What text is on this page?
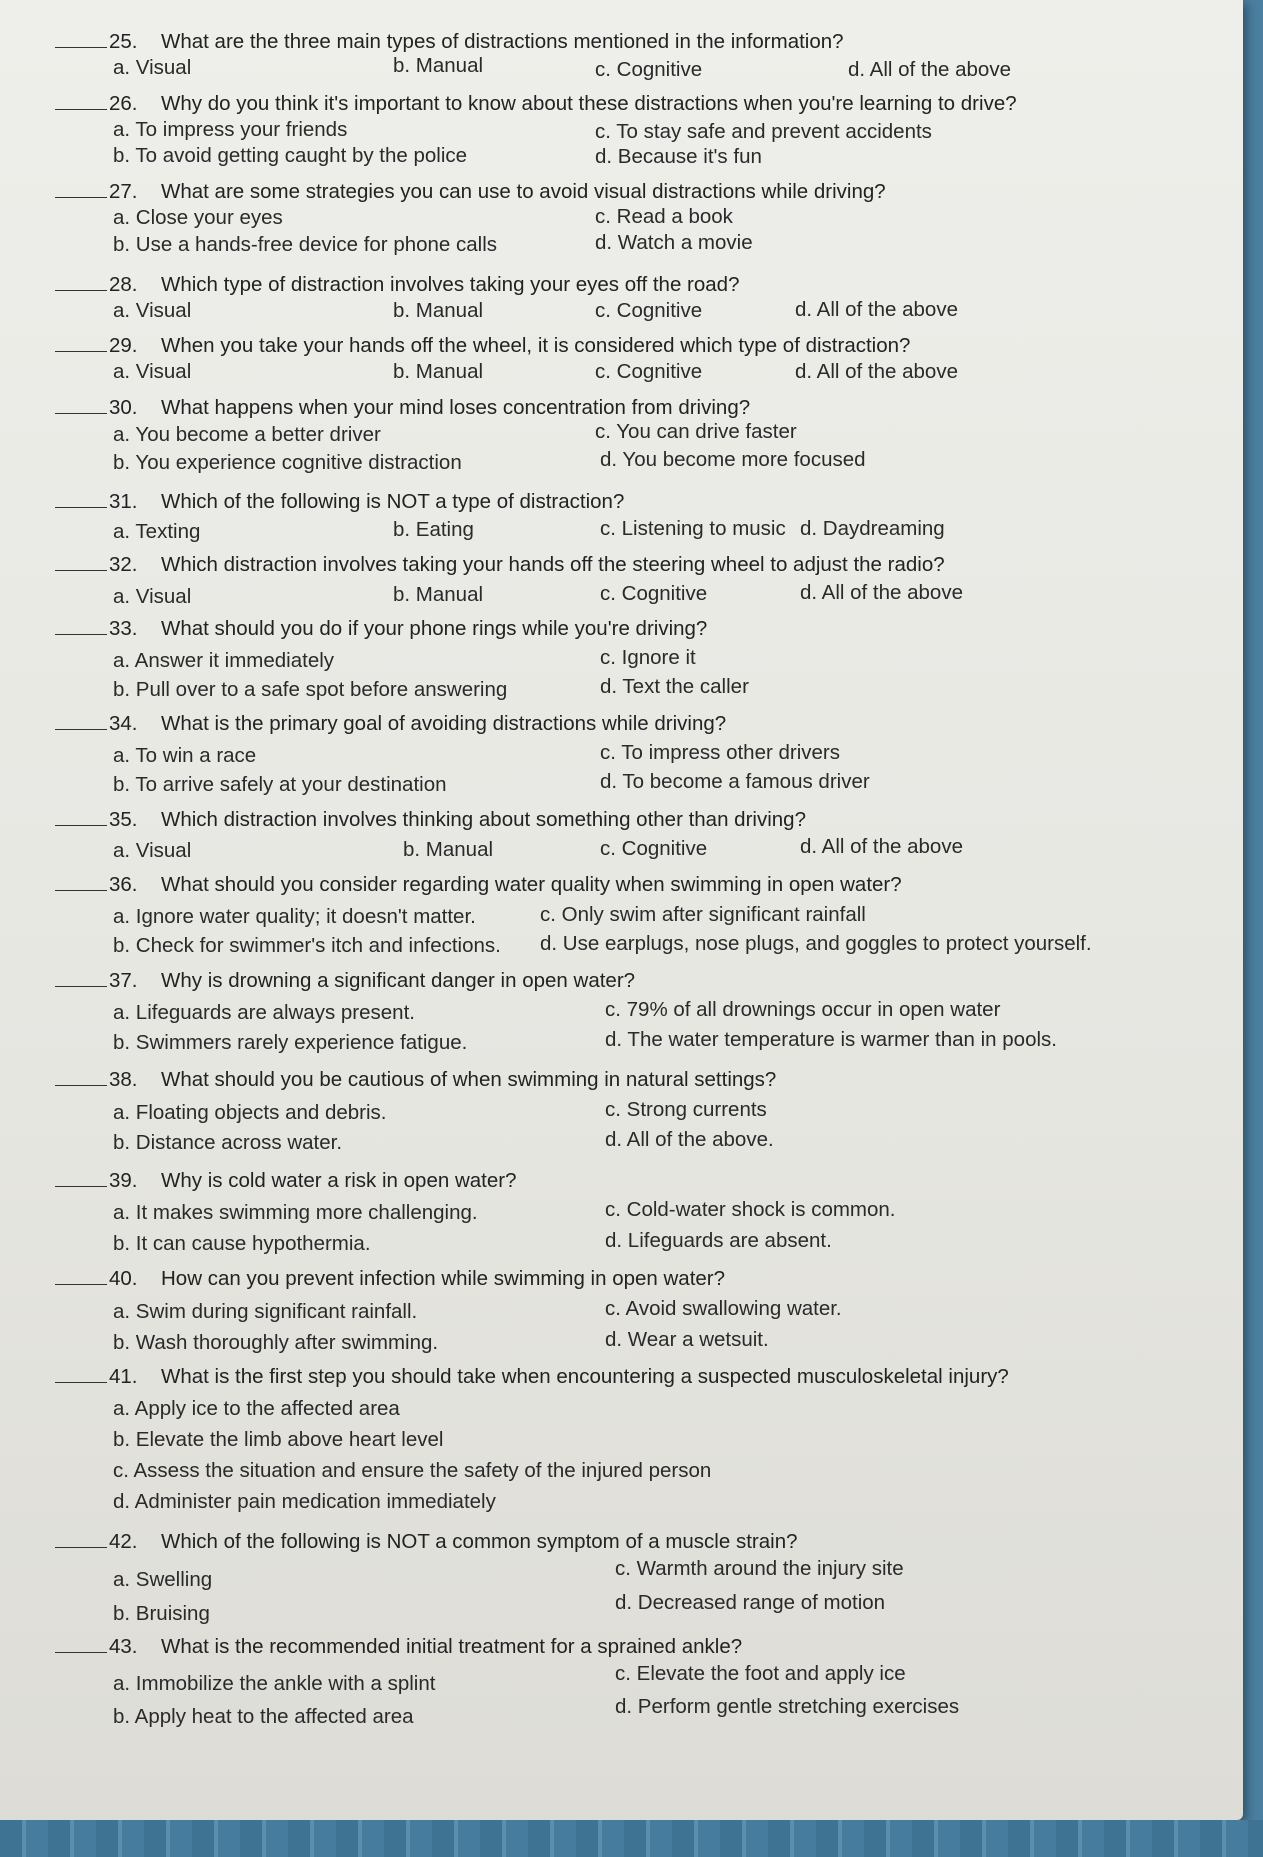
25.	What are the three main types of distractions mentioned in the information?
a. Visual	b. Manual	c. Cognitive	d. All of the above
26.	Why do you think it's important to know about these distractions when you're learning to drive?
a. To impress your friends	c. To stay safe and prevent accidents
b. To avoid getting caught by the police	d. Because it's fun
27.	What are some strategies you can use to avoid visual distractions while driving?
a. Close your eyes	c. Read a book
b. Use a hands-free device for phone calls	d. Watch a movie
28.	Which type of distraction involves taking your eyes off the road?
a. Visual	b. Manual	c. Cognitive	d. All of the above
29.	When you take your hands off the wheel, it is considered which type of distraction?
a. Visual	b. Manual	c. Cognitive	d. All of the above
30.	What happens when your mind loses concentration from driving?
a. You become a better driver	c. You can drive faster
b. You experience cognitive distraction	d. You become more focused
31.	Which of the following is NOT a type of distraction?
a. Texting	b. Eating	c. Listening to music d. Daydreaming
32.	Which distraction involves taking your hands off the steering wheel to adjust the radio?
a. Visual	b. Manual	c. Cognitive	d. All of the above
33.	What should you do if your phone rings while you're driving?
a. Answer it immediately	c. Ignore it
b. Pull over to a safe spot before answering	d. Text the caller
34.	What is the primary goal of avoiding distractions while driving?
a. To win a race	c. To impress other drivers
b. To arrive safely at your destination	d. To become a famous driver
35.	Which distraction involves thinking about something other than driving?
a. Visual	b. Manual	c. Cognitive	d. All of the above
36.	What should you consider regarding water quality when swimming in open water?
a. Ignore water quality; it doesn't matter.	c. Only swim after significant rainfall
b. Check for swimmer's itch and infections. d. Use earplugs, nose plugs, and goggles to protect yourself.
37.	Why is drowning a significant danger in open water?
a. Lifeguards are always present.	c. 79% of all drownings occur in open water
b. Swimmers rarely experience fatigue.	d. The water temperature is warmer than in pools.
38.	What should you be cautious of when swimming in natural settings?
a. Floating objects and debris.	c. Strong currents
b. Distance across water.	d. All of the above.
39.	Why is cold water a risk in open water?
a. It makes swimming more challenging.	c. Cold-water shock is common.
b. It can cause hypothermia.	d. Lifeguards are absent.
40.	How can you prevent infection while swimming in open water?
a. Swim during significant rainfall.	c. Avoid swallowing water.
b. Wash thoroughly after swimming.	d. Wear a wetsuit.
41.	What is the first step you should take when encountering a suspected musculoskeletal injury?
a. Apply ice to the affected area
b. Elevate the limb above heart level
c. Assess the situation and ensure the safety of the injured person
d. Administer pain medication immediately
42.	Which of the following is NOT a common symptom of a muscle strain?
a. Swelling	c. Warmth around the injury site
b. Bruising	d. Decreased range of motion
43.	What is the recommended initial treatment for a sprained ankle?
a. Immobilize the ankle with a splint	c. Elevate the foot and apply ice
b. Apply heat to the affected area	d. Perform gentle stretching exercises
